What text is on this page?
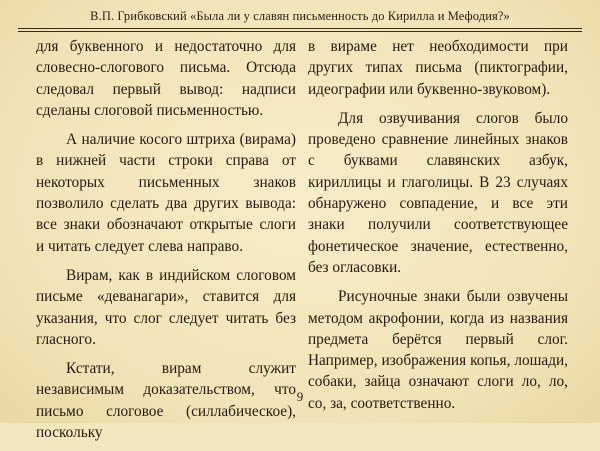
В.П. Грибковский «Была ли у славян письменность до Кирилла и Мефодия?»

для буквенного и недостаточно для словесно-слогового письма. Отсюда следовал первый вывод: надписи сделаны слоговой письменностью.

А наличие косого штриха (вирама) в нижней части строки справа от некоторых письменных знаков позволило сделать два других вывода: все знаки обозначают открытые слоги и читать следует слева направо.

Вирам, как в индийском слоговом письме «деванагари», ставится для указания, что слог следует читать без гласного.

Кстати, вирам служит независимым доказательством, что письмо слоговое (силлабическое), поскольку

в вираме нет необходимости при других типах письма (пиктографии, идеографии или буквенно-звуковом).

Для озвучивания слогов было проведено сравнение линейных знаков с буквами славянских азбук, кириллицы и глаголицы. В 23 случаях обнаружено совпадение, и все эти знаки получили соответствующее фонетическое значение, естественно, без огласовки.

Рисуночные знаки были озвучены методом акрофонии, когда из названия предмета берётся первый слог. Например, изображения копья, лошади, собаки, зайца означают слоги ло, ло, со, за, соответственно.

9
